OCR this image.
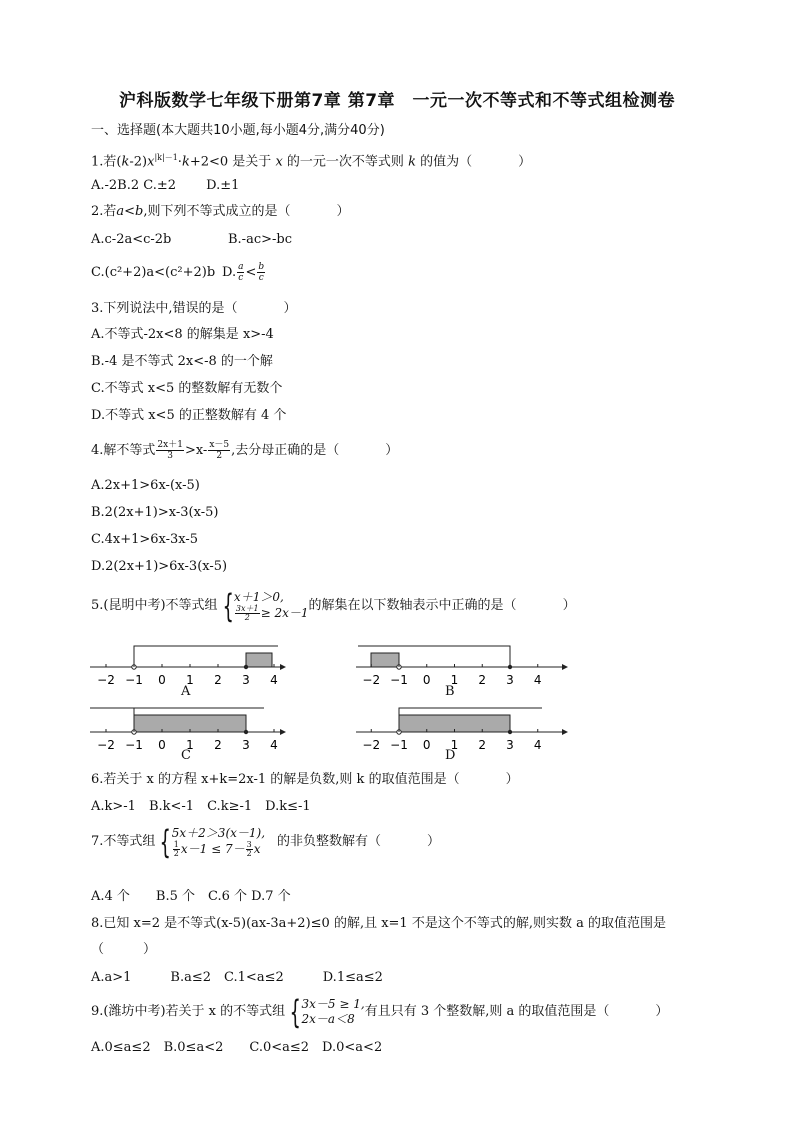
沪科版数学七年级下册第7章 第7章　一元一次不等式和不等式组检测卷
一、选择题(本大题共10小题,每小题4分,满分40分)
1.若$(k-2)x^{|k|-1}\cdot k+2<0$ 是关于 x 的一元一次不等式则 k 的值为（	）
A.-2B.2 C.±2 　　D.±1
2.若a<b,则下列不等式成立的是（	）
A.c-2a<c-2b	B.-ac>-bc
C.(c²+2)a<(c²+2)b D. $\frac{a}{c} < \frac{b}{c}$
3.下列说法中,错误的是（	）
A.不等式-2x<8 的解集是 x>-4
B.-4 是不等式 2x<-8 的一个解
C.不等式 x<5 的整数解有无数个
D.不等式 x<5 的正整数解有 4 个
4.解不等式 $\frac{2x+1}{3} >x- \frac{x-5}{2}$ ,去分母正确的是（	）
A.2x+1>6x-(x-5)
B.2(2x+1)>x-3(x-5)
C.4x+1>6x-3x-5
D.2(2x+1)>6x-3(x-5)
5.(昆明中考)不等式组 { x＋1＞0,
$\frac{3x+1}{2} \ge 2x-1$ 的解集在以下数轴表示中正确的是（	）
−2 −1 0 1 2 3 4
A
−2 −1 0 1 2 3 4
B
−2 −1 0 1 2 3 4
C
−2 −1 0 1 2 3 4
D
6.若关于 x 的方程 x+k=2x-1 的解是负数,则 k 的取值范围是（	）
A.k>-1　B.k<-1　C.k≥-1　D.k≤-1
7.不等式组 { 5x＋2＞3(x－1),
$\frac{1}{2} x-1 \le 7- \frac{3}{2}$ x	的非负整数解有（	）
A.4 个　　B.5 个　C.6 个 D.7 个
8.已知 x=2 是不等式(x-5)(ax-3a+2)≤0 的解,且 x=1 不是这个不等式的解,则实数 a 的取值范围是
（　　　）
A.a>1　　　B.a≤2　C.1<a≤2　　　D.1≤a≤2
9.(潍坊中考)若关于 x 的不等式组 { 3x－5 ≥ 1,
2x－a＜8 有且只有 3 个整数解,则 a 的取值范围是（	）
A.0≤a≤2　B.0≤a<2　　C.0<a≤2　D.0<a<2
